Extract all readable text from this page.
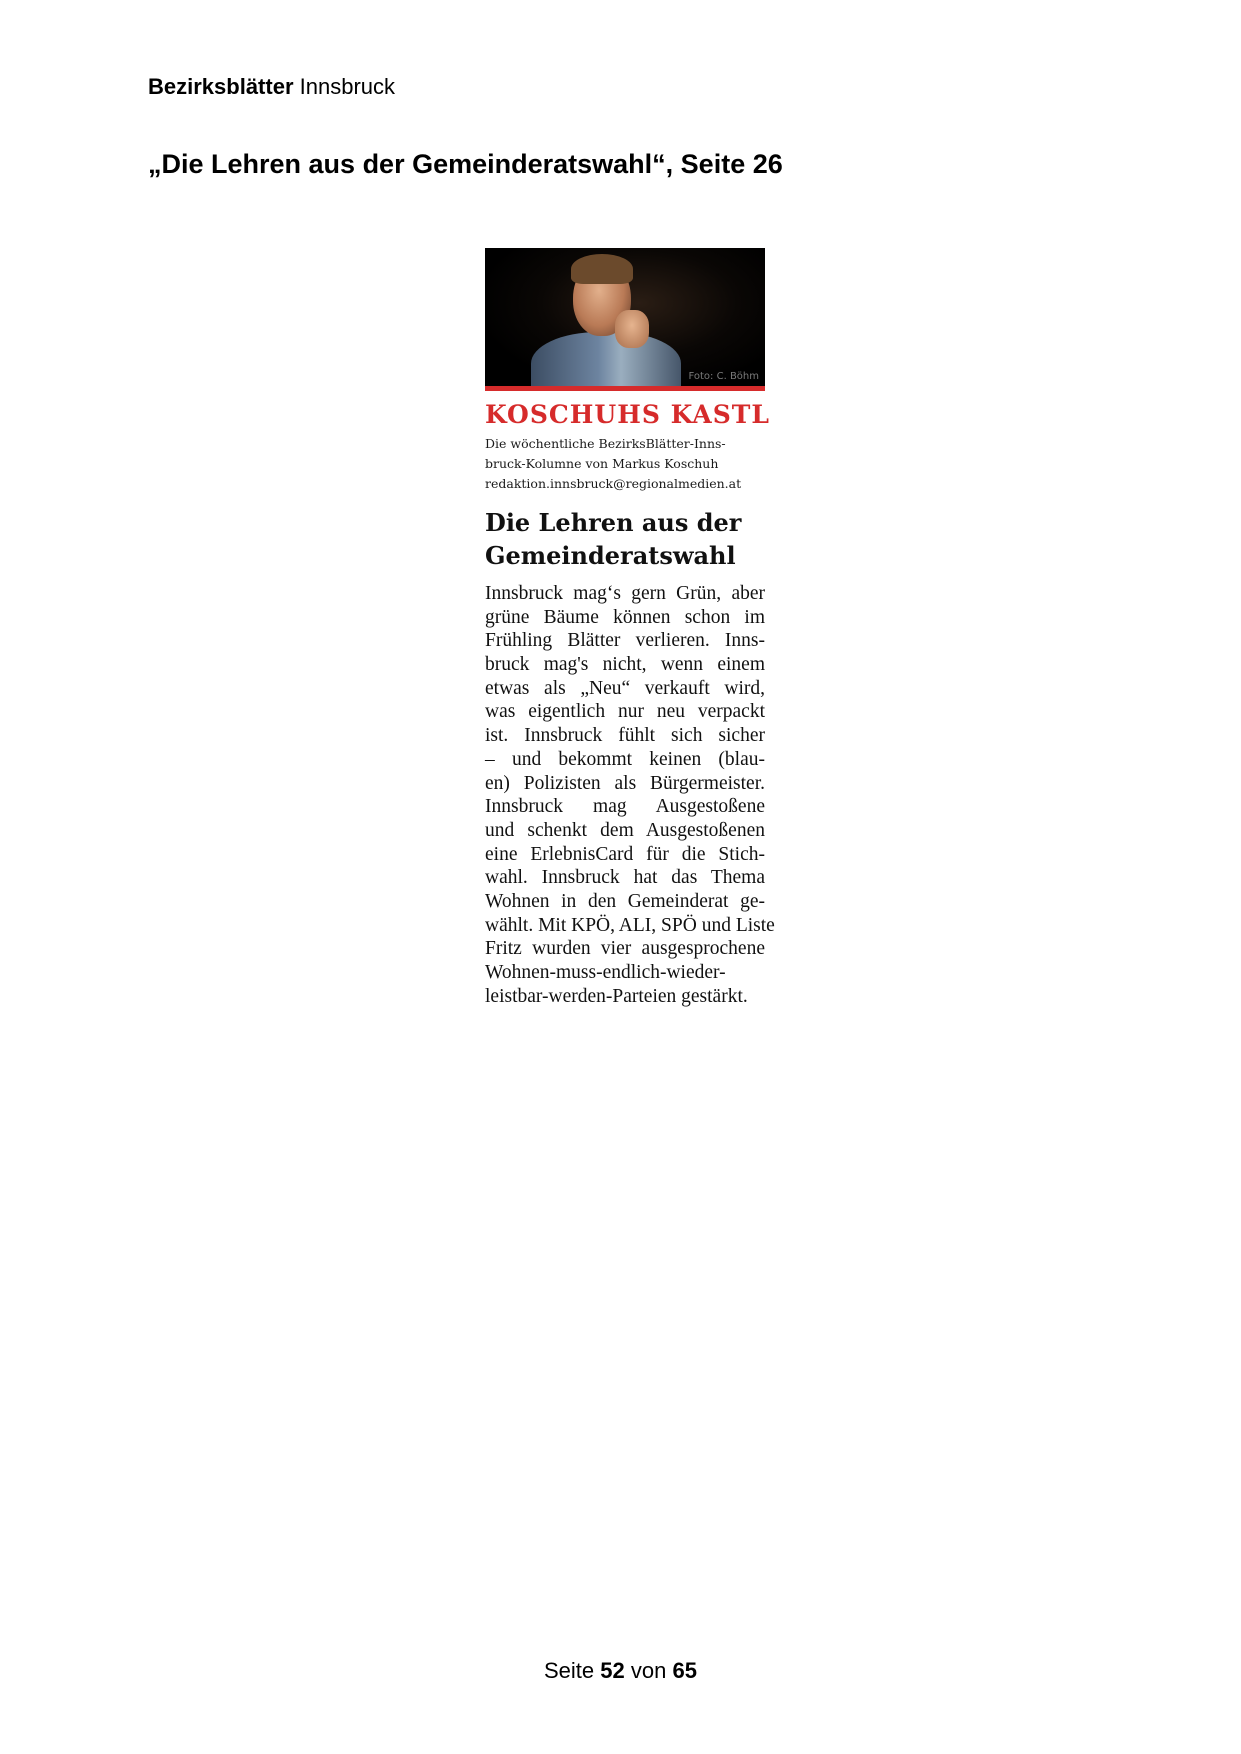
Bezirksblätter Innsbruck
„Die Lehren aus der Gemeinderatswahl“, Seite 26
Foto: C. Böhm
KOSCHUHS KASTL
Die wöchentliche BezirksBlätter-Inns-
bruck-Kolumne von Markus Koschuh
redaktion.innsbruck@regionalmedien.at
Die Lehren aus der
Gemeinderatswahl
Innsbruck mag‘s gern Grün, aber
grüne Bäume können schon im
Frühling Blätter verlieren. Inns-
bruck mag's nicht, wenn einem
etwas als „Neu“ verkauft wird,
was eigentlich nur neu verpackt
ist. Innsbruck fühlt sich sicher
– und bekommt keinen (blau-
en) Polizisten als Bürgermeister.
Innsbruck mag Ausgestoßene
und schenkt dem Ausgestoßenen
eine ErlebnisCard für die Stich-
wahl. Innsbruck hat das Thema
Wohnen in den Gemeinderat ge-
wählt. Mit KPÖ, ALI, SPÖ und Liste
Fritz wurden vier ausgesprochene
Wohnen-muss-endlich-wieder-
leistbar-werden-Parteien gestärkt.
Seite 52 von 65
